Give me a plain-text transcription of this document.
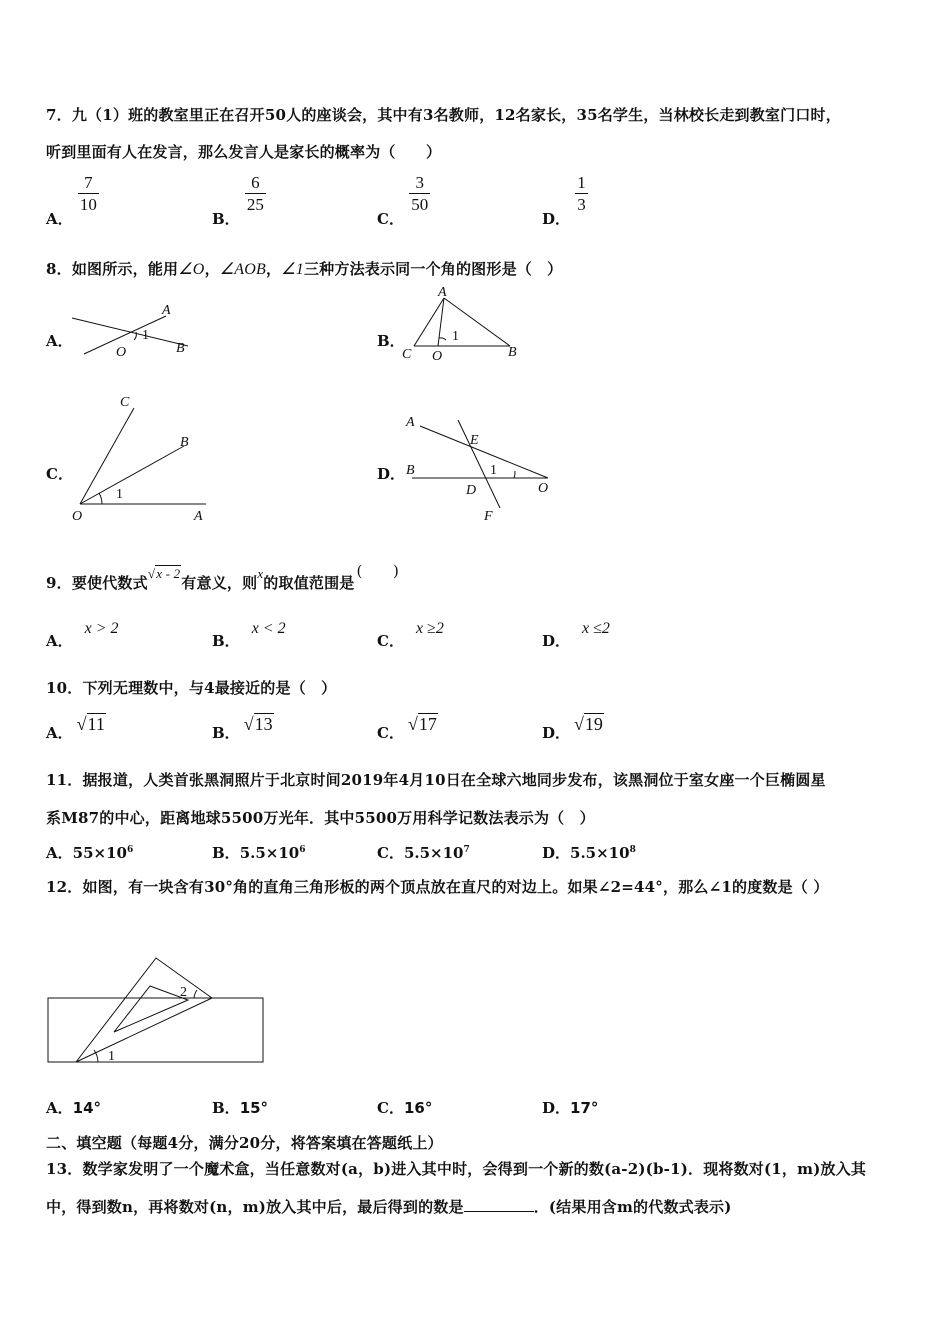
7．九（1）班的教室里正在召开50人的座谈会，其中有3名教师，12名家长，35名学生，当林校长走到教室门口时，
听到里面有人在发言，那么发言人是家长的概率为（　　）
A．
$\frac{7}{10}$
B．
$\frac{6}{25}$
C．
$\frac{3}{50}$
D．
$\frac{1}{3}$
8．如图所示，能用∠O，∠AOB，∠1三种方法表示同一个角的图形是（　）
A．
A
1
O	B	B．
A
1
C O	B
C．
C
B
1
O	A
D．
A
E
B	1
D	O
F
9．要使代数式√x - 2有意义，则x的取值范围是(　　)
A．x > 2
B．x < 2
C．x ≥2
D．x ≤2
10．下列无理数中，与4最接近的是（　）
A． √11	B． √13	C． √17	D． √19
11．据报道，人类首张黑洞照片于北京时间2019年4月10日在全球六地同步发布，该黑洞位于室女座一个巨椭圆星
系M87的中心，距离地球5500万光年．其中5500万用科学记数法表示为（　）
A．$55\times 10^6$	B．$5.5\times 10^6$	C．$5.5\times 10^7$	D．$5.5\times 10^8$
12．如图，有一块含有30°角的直角三角形板的两个顶点放在直尺的对边上。如果∠2=44°，那么∠1的度数是（ ）
2
1
A．14°	B．15°	C．16°	D．17°
二、填空题（每题4分，满分20分，将答案填在答题纸上）
13．数学家发明了一个魔术盒，当任意数对(a，b)进入其中时，会得到一个新的数(a-2)(b-1)．现将数对(1，m)放入其
中，得到数n，再将数对(n，m)放入其中后，最后得到的数是	．(结果用含m的代数式表示)
